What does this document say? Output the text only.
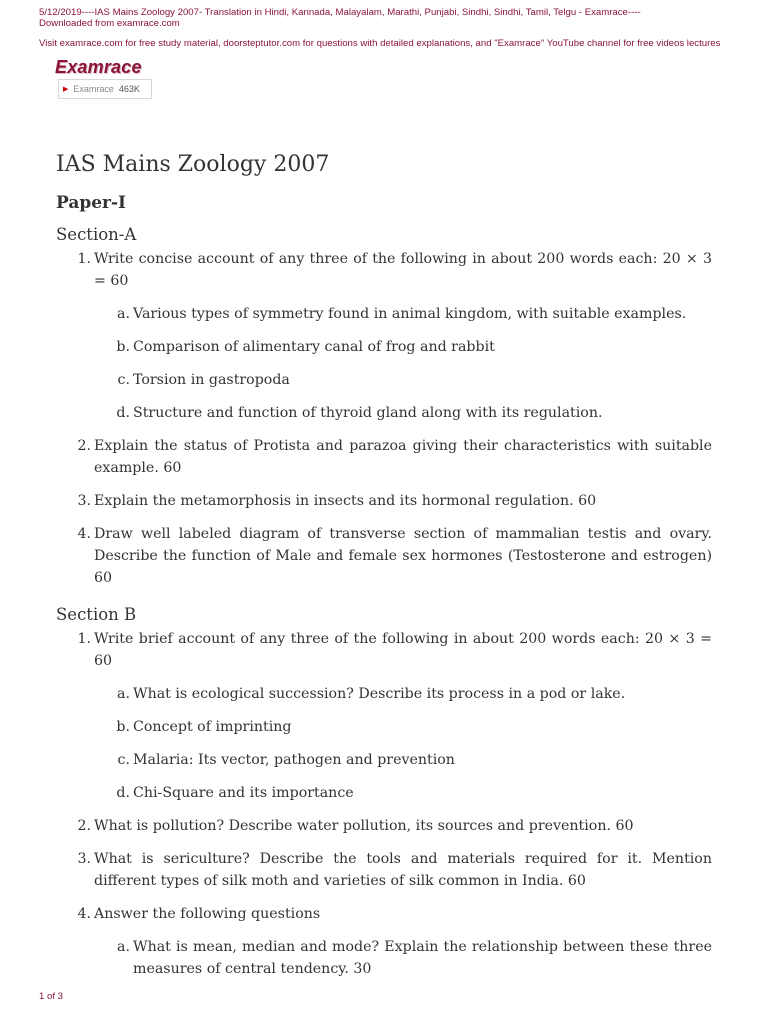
5/12/2019----IAS Mains Zoology 2007- Translation in Hindi, Kannada, Malayalam, Marathi, Punjabi, Sindhi, Sindhi, Tamil, Telgu - Examrace----

Downloaded from examrace.com

Visit examrace.com for free study material, doorsteptutor.com for questions with detailed explanations, and "Examrace" YouTube channel for free videos lectures

Examrace
▶ Examrace 463K
IAS Mains Zoology 2007
Paper-I
Section-A
1. Write concise account of any three of the following in about 200 words each: 20 × 3 = 60
a. Various types of symmetry found in animal kingdom, with suitable examples.
b. Comparison of alimentary canal of frog and rabbit
c. Torsion in gastropoda
d. Structure and function of thyroid gland along with its regulation.
2. Explain the status of Protista and parazoa giving their characteristics with suitable example. 60
3. Explain the metamorphosis in insects and its hormonal regulation. 60
4. Draw well labeled diagram of transverse section of mammalian testis and ovary. Describe the function of Male and female sex hormones (Testosterone and estrogen) 60
Section B
1. Write brief account of any three of the following in about 200 words each: 20 × 3 = 60
a. What is ecological succession? Describe its process in a pod or lake.
b. Concept of imprinting
c. Malaria: Its vector, pathogen and prevention
d. Chi-Square and its importance
2. What is pollution? Describe water pollution, its sources and prevention. 60
3. What is sericulture? Describe the tools and materials required for it. Mention different types of silk moth and varieties of silk common in India. 60
4. Answer the following questions
a. What is mean, median and mode? Explain the relationship between these three measures of central tendency. 30
1 of 3
